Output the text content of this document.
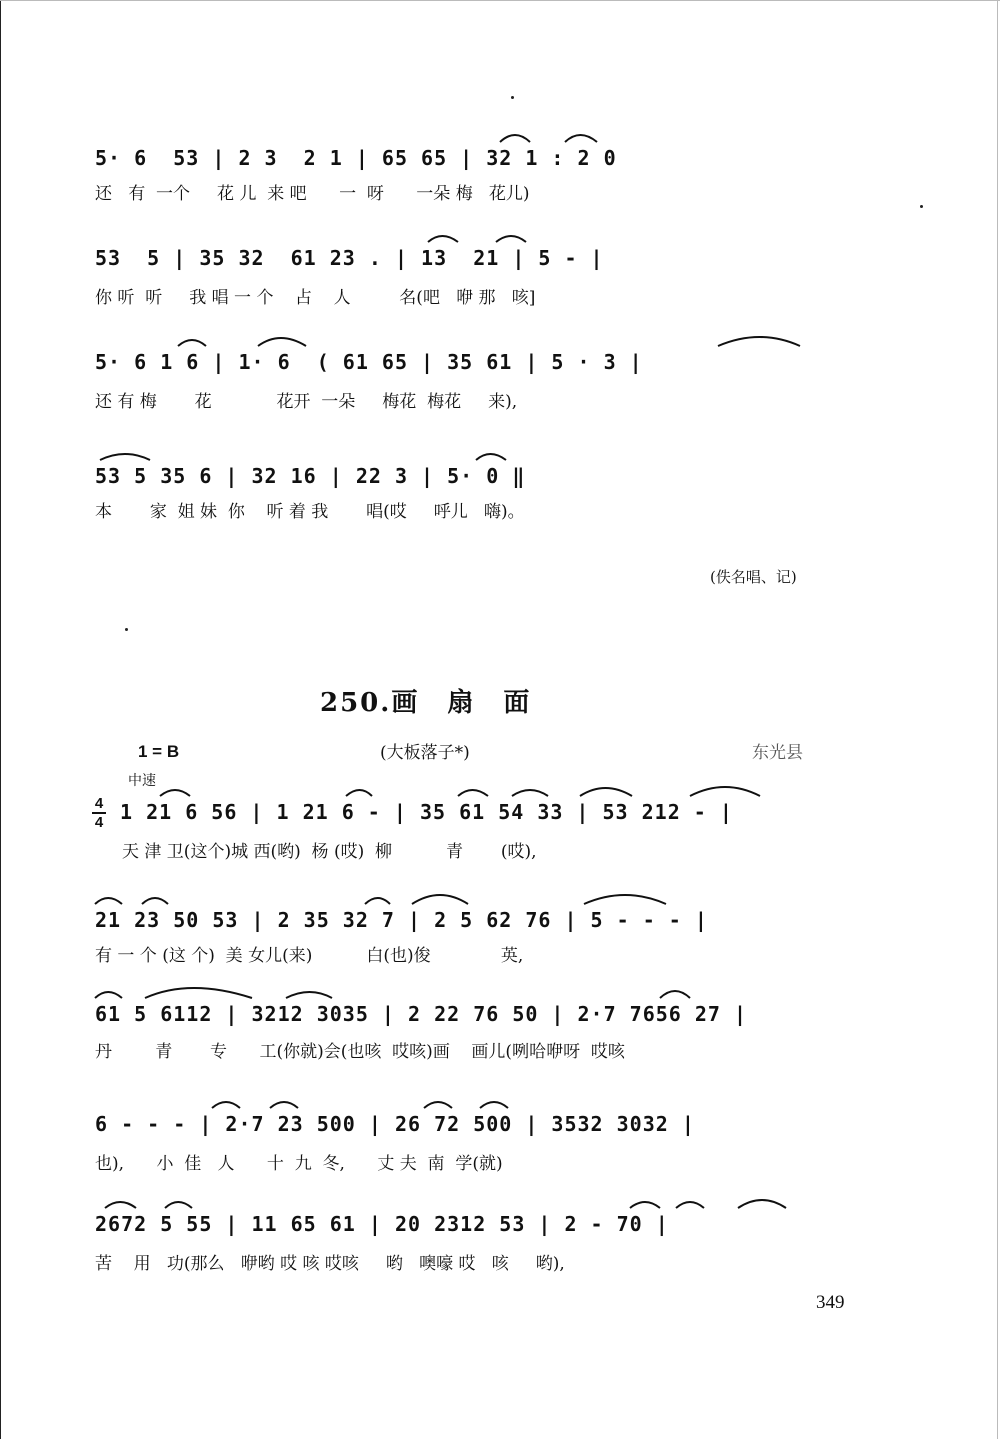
5· 6  53 | 2 3  2 1 | 65 65 | 32 1 : 2 0
还   有  一个     花 儿  来 吧      一  呀      一朵 梅   花儿)
53  5 | 35 32  61 23 . | 13  21 | 5 - |
你 听  听     我 唱 一 个    占    人         名(吧   咿 那   咳]
5· 6 1 6 | 1· 6  ( 61 65 | 35 61 | 5 · 3 |
还 有 梅       花            花开  一朵     梅花  梅花     来),
53 5 35 6 | 32 16 | 22 3 | 5· 0 ‖
本       家  姐 妹  你    听 着 我       唱(哎     呼儿   嗨)。
(佚名唱、记)
250.画　扇　面
1 = B	(大板落子*)	东光县
中速
4
4 1 21 6 56 | 1 21 6 - | 35 61 54 33 | 53 212 - |
天 津 卫(这个)城 西(哟)  杨 (哎)  柳          青       (哎),
21 23 50 53 | 2 35 32 7 | 2 5 62 76 | 5 - - - |
有 一 个 (这 个)  美 女儿(来)          白(也)俊             英,
61 5 6112 | 3212 3035 | 2 22 76 50 | 2·7 7656 27 |
丹        青       专      工(你就)会(也咳  哎咳)画    画儿(咧哈咿呀  哎咳
6 - - - | 2·7 23 500 | 26 72 500 | 3532 3032 |
也),      小  佳   人      十  九  冬,      丈 夫  南  学(就)
2672 5 55 | 11 65 61 | 20 2312 53 | 2 - 70 |
苦    用   功(那么   咿哟 哎 咳 哎咳     哟   噢嚎 哎   咳     哟),
349
